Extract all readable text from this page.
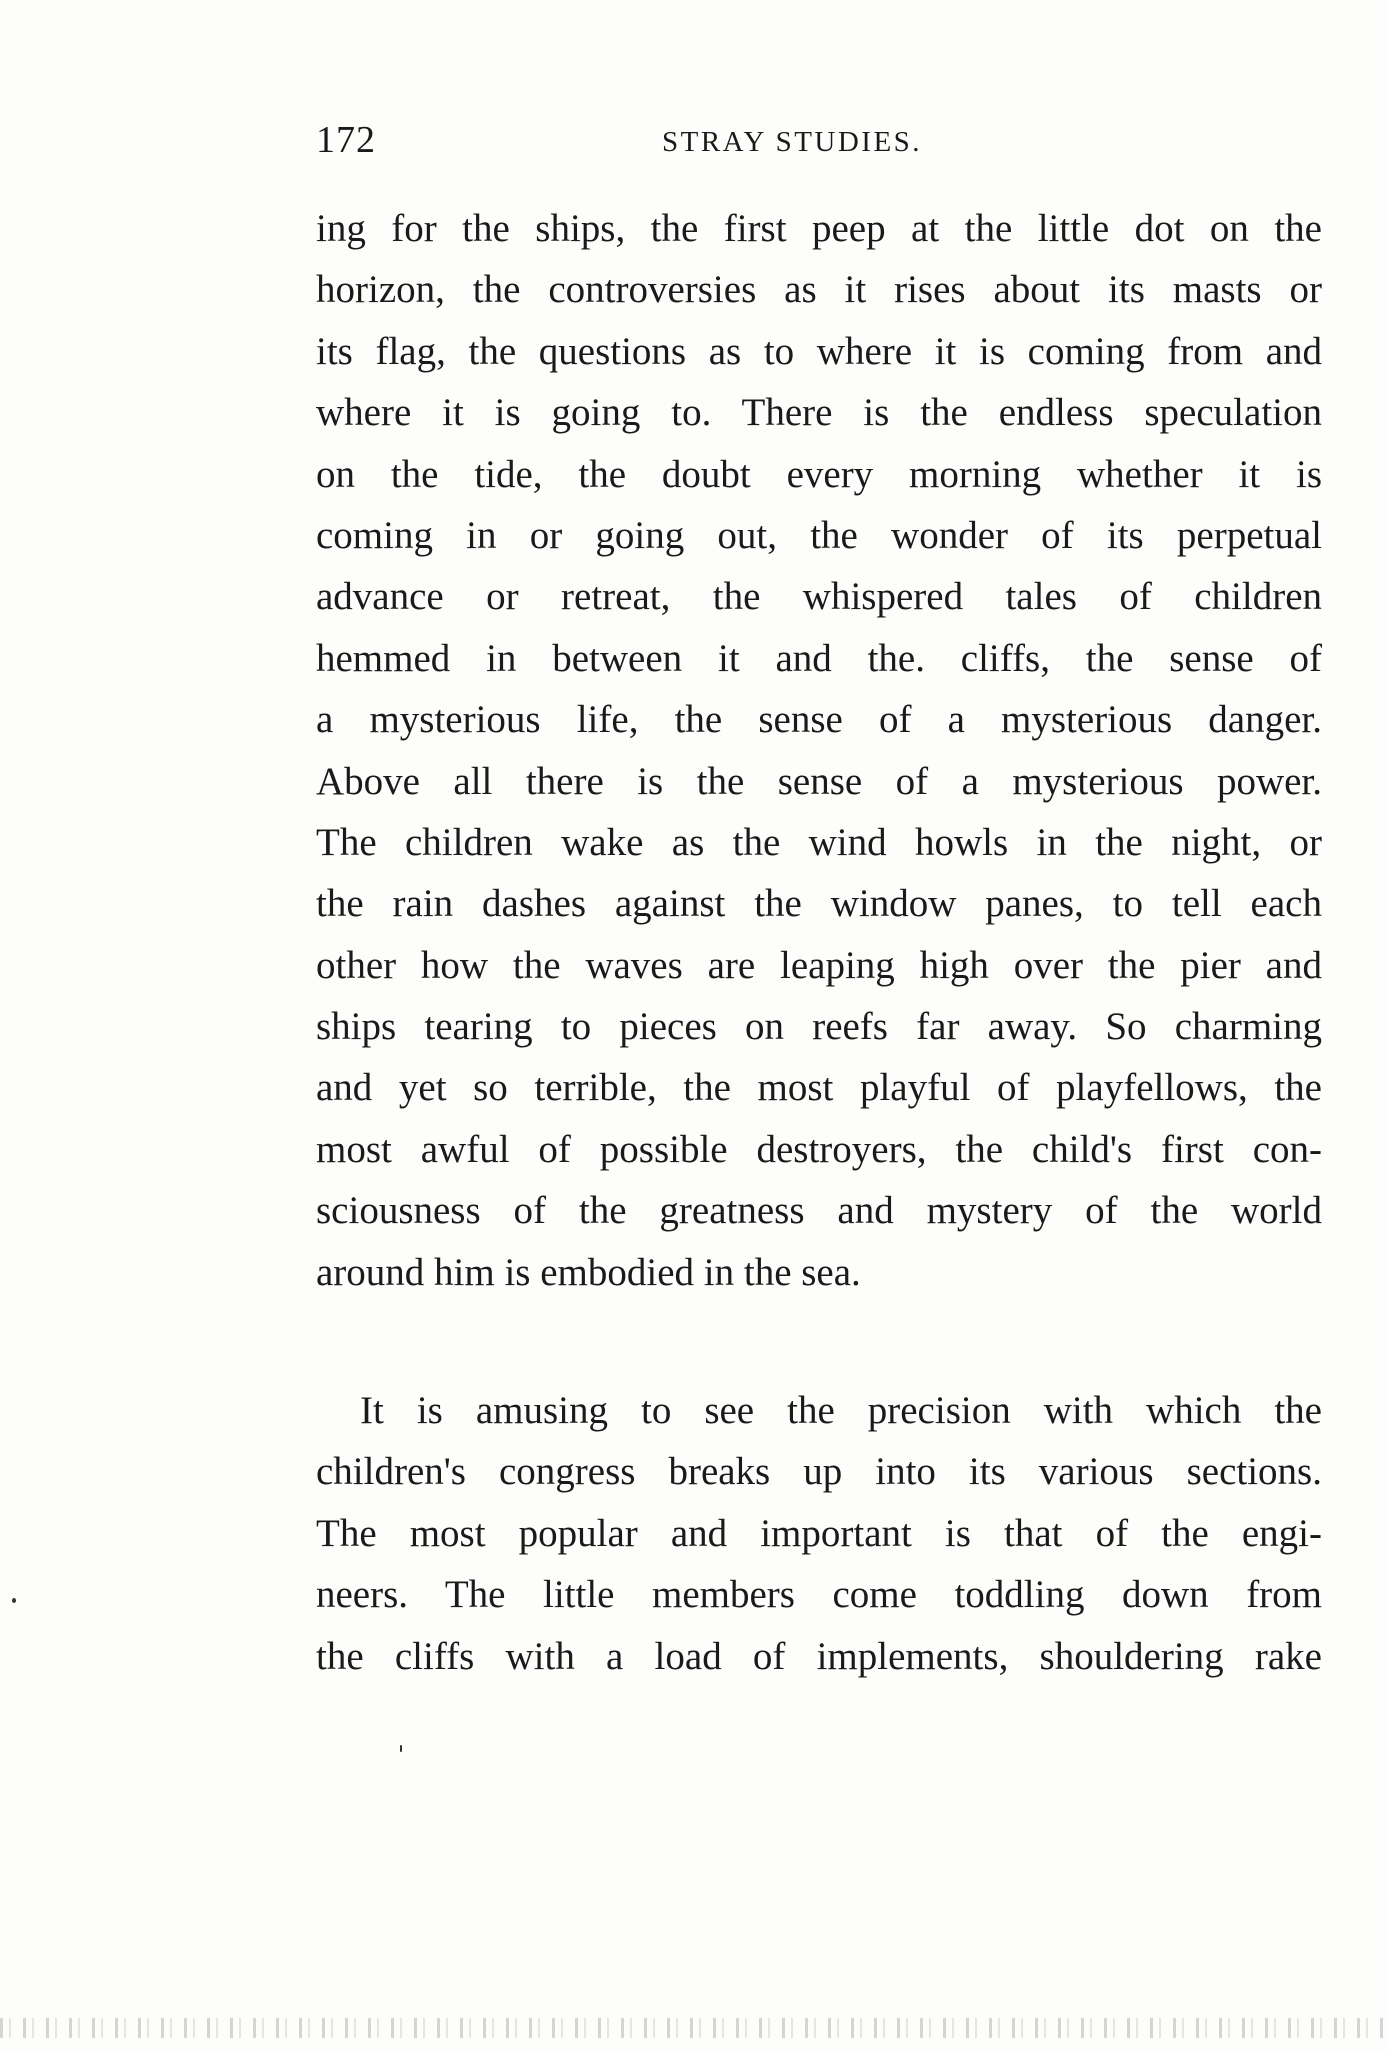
172	STRAY STUDIES.
ing for the ships, the first peep at the little dot on the
horizon, the controversies as it rises about its masts or
its flag, the questions as to where it is coming from and
where it is going to. There is the endless speculation
on the tide, the doubt every morning whether it is
coming in or going out, the wonder of its perpetual
advance or retreat, the whispered tales of children
hemmed in between it and the. cliffs, the sense of
a mysterious life, the sense of a mysterious danger.
Above all there is the sense of a mysterious power.
The children wake as the wind howls in the night, or
the rain dashes against the window panes, to tell each
other how the waves are leaping high over the pier and
ships tearing to pieces on reefs far away. So charming
and yet so terrible, the most playful of playfellows, the
most awful of possible destroyers, the child's first con-
sciousness of the greatness and mystery of the world
around him is embodied in the sea.
It is amusing to see the precision with which the
children's congress breaks up into its various sections.
The most popular and important is that of the engi-
neers. The little members come toddling down from
the cliffs with a load of implements, shouldering rake
